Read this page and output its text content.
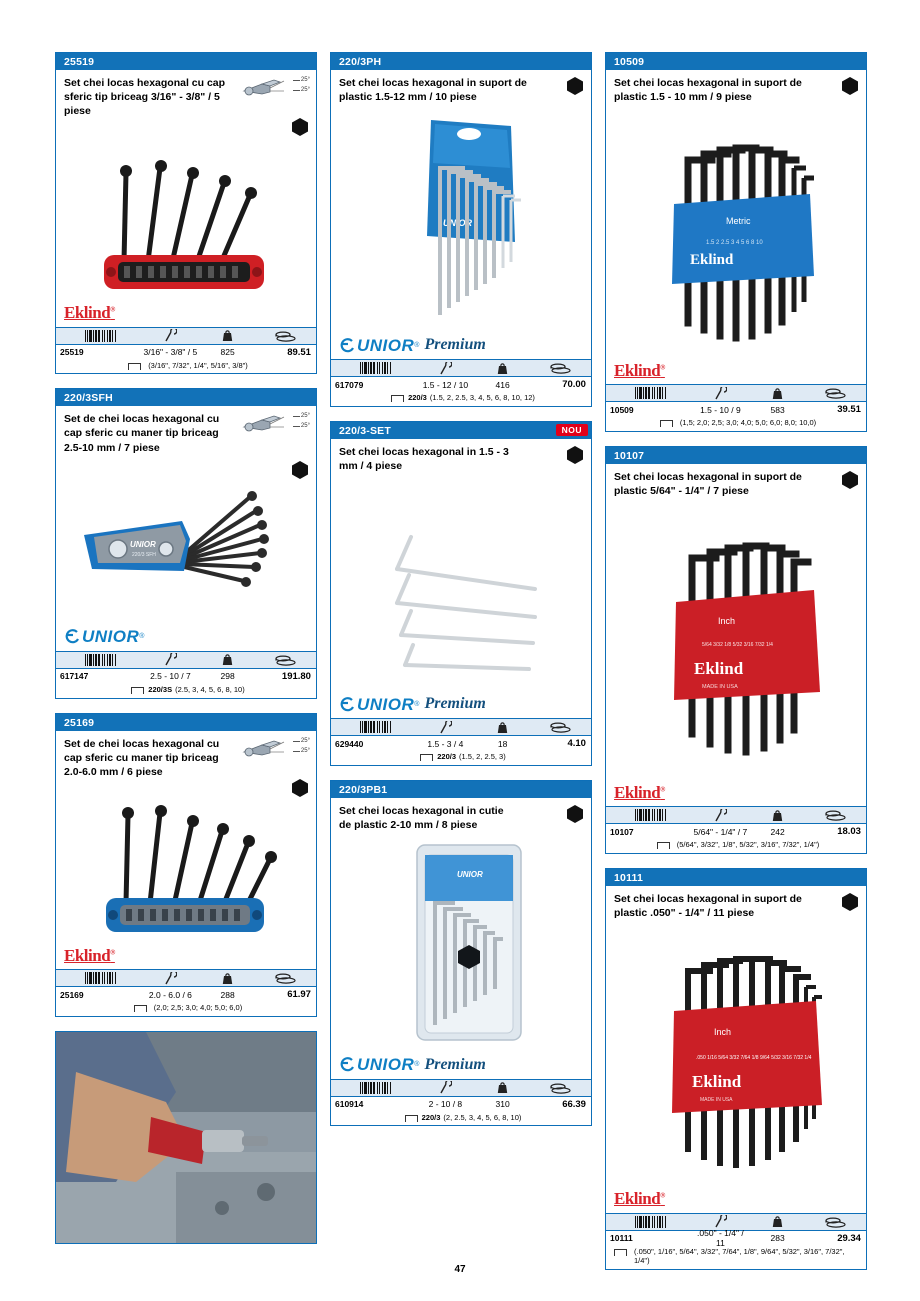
25519
Set chei locas hexagonal cu cap sferic tip briceag 3/16" - 3/8" / 5 piese
25°
25°
Eklind®
25519	3/16" - 3/8" / 5	825	89.51
(3/16", 7/32", 1/4", 5/16", 3/8")
220/3SFH
Set de chei locas hexagonal cu cap sferic cu maner tip briceag 2.5-10 mm / 7 piese
25°
25°
UNIOR
220/3 SFH
UNIOR ®
617147	2.5 - 10 / 7	298	191.80
220/3S (2.5, 3, 4, 5, 6, 8, 10)
25169
Set de chei locas hexagonal cu cap sferic cu maner tip briceag 2.0-6.0 mm / 6 piese
25°
25°
Eklind®
25169	2.0 - 6.0 / 6	288	61.97
(2,0; 2,5; 3,0; 4,0; 5,0; 6,0)
220/3PH
Set chei locas hexagonal in suport de plastic 1.5-12 mm / 10 piese
UNIOR
UNIOR ® Premium
617079	1.5 - 12 / 10	416	70.00
220/3 (1.5, 2, 2.5, 3, 4, 5, 6, 8, 10, 12)
220/3-SET	NOU
Set chei locas hexagonal in 1.5 - 3 mm / 4 piese
UNIOR ® Premium
629440	1.5 - 3 / 4	18	4.10
220/3 (1.5, 2, 2.5, 3)
220/3PB1
Set chei locas hexagonal in cutie de plastic 2-10 mm / 8 piese
UNIOR
UNIOR ® Premium
610914	2 - 10 / 8	310	66.39
220/3 (2, 2.5, 3, 4, 5, 6, 8, 10)
10509
Set chei locas hexagonal in suport de plastic 1.5 - 10 mm / 9 piese
Metric
Eklind
1.5 2 2.5 3 4 5 6 8 10
Eklind®
10509	1.5 - 10 / 9	583	39.51
(1,5; 2,0; 2,5; 3,0; 4,0; 5,0; 6,0; 8,0; 10,0)
10107
Set chei locas hexagonal in suport de plastic 5/64" - 1/4" / 7 piese
Inch
Eklind
MADE IN USA
5/64 3/32 1/8 5/32 3/16 7/32 1/4
Eklind®
10107	5/64" - 1/4" / 7	242	18.03
(5/64", 3/32", 1/8", 5/32", 3/16", 7/32", 1/4")
10111
Set chei locas hexagonal in suport de plastic .050" - 1/4" / 11 piese
Inch
Eklind
MADE IN USA
.050 1/16 5/64 3/32 7/64 1/8 9/64 5/32 3/16 7/32 1/4
Eklind®
10111	.050" - 1/4" / 11	283	29.34
(.050", 1/16", 5/64", 3/32", 7/64", 1/8", 9/64", 5/32", 3/16", 7/32", 1/4")
47
